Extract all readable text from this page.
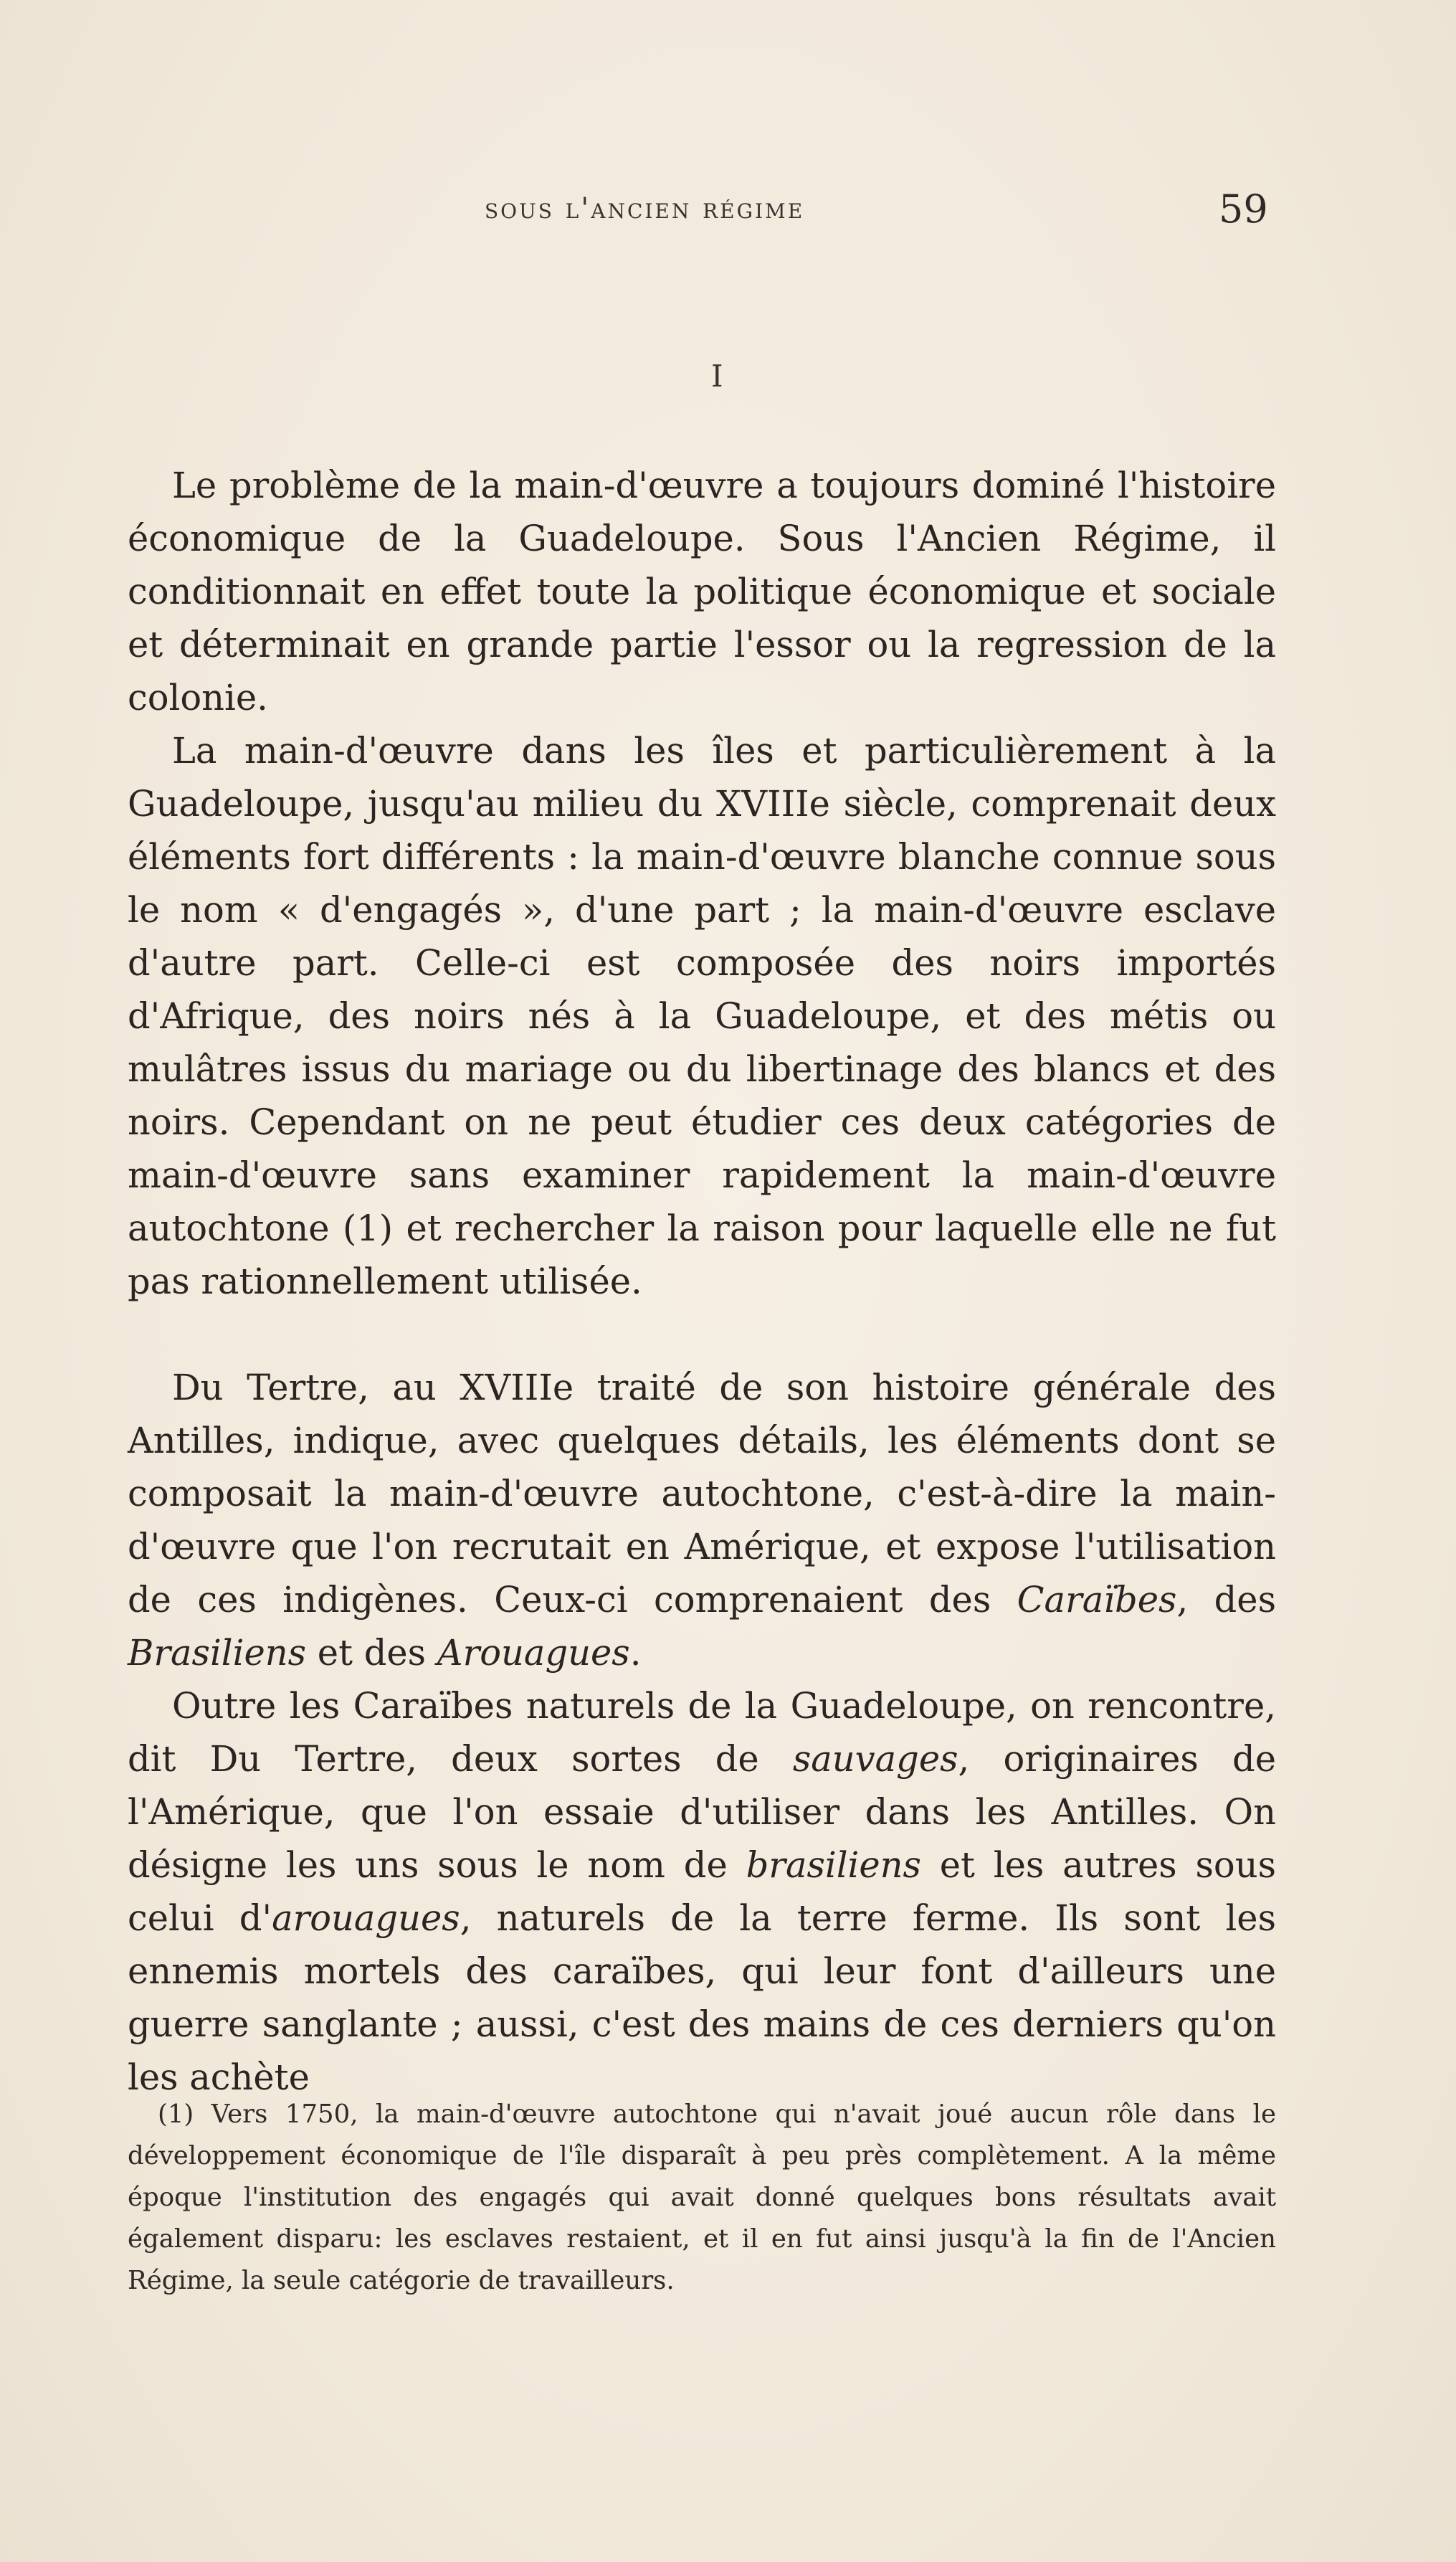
sous l'ancien régime	59
I

Le problème de la main-d'œuvre a toujours dominé l'histoire économique de la Guadeloupe. Sous l'Ancien Régime, il conditionnait en effet toute la politique économique et sociale et déterminait en grande partie l'essor ou la regression de la colonie.

La main-d'œuvre dans les îles et particulièrement à la Guadeloupe, jusqu'au milieu du XVIIIe siècle, comprenait deux éléments fort différents : la main-d'œuvre blanche connue sous le nom « d'engagés », d'une part ; la main-d'œuvre esclave d'autre part. Celle-ci est composée des noirs importés d'Afrique, des noirs nés à la Guadeloupe, et des métis ou mulâtres issus du mariage ou du libertinage des blancs et des noirs. Cependant on ne peut étudier ces deux catégories de main-d'œuvre sans examiner rapidement la main-d'œuvre autochtone (1) et rechercher la raison pour laquelle elle ne fut pas rationnellement utilisée.

Du Tertre, au XVIIIe traité de son histoire générale des Antilles, indique, avec quelques détails, les éléments dont se composait la main-d'œuvre autochtone, c'est-à-dire la main-d'œuvre que l'on recrutait en Amérique, et expose l'utilisation de ces indigènes. Ceux-ci comprenaient des Caraïbes, des Brasiliens et des Arouagues.

Outre les Caraïbes naturels de la Guadeloupe, on rencontre, dit Du Tertre, deux sortes de sauvages, originaires de l'Amérique, que l'on essaie d'utiliser dans les Antilles. On désigne les uns sous le nom de brasiliens et les autres sous celui d'arouagues, naturels de la terre ferme. Ils sont les ennemis mortels des caraïbes, qui leur font d'ailleurs une guerre sanglante ; aussi, c'est des mains de ces derniers qu'on les achète

(1) Vers 1750, la main-d'œuvre autochtone qui n'avait joué aucun rôle dans le développement économique de l'île disparaît à peu près complètement. A la même époque l'institution des engagés qui avait donné quelques bons résultats avait également disparu: les esclaves restaient, et il en fut ainsi jusqu'à la fin de l'Ancien Régime, la seule catégorie de travailleurs.
